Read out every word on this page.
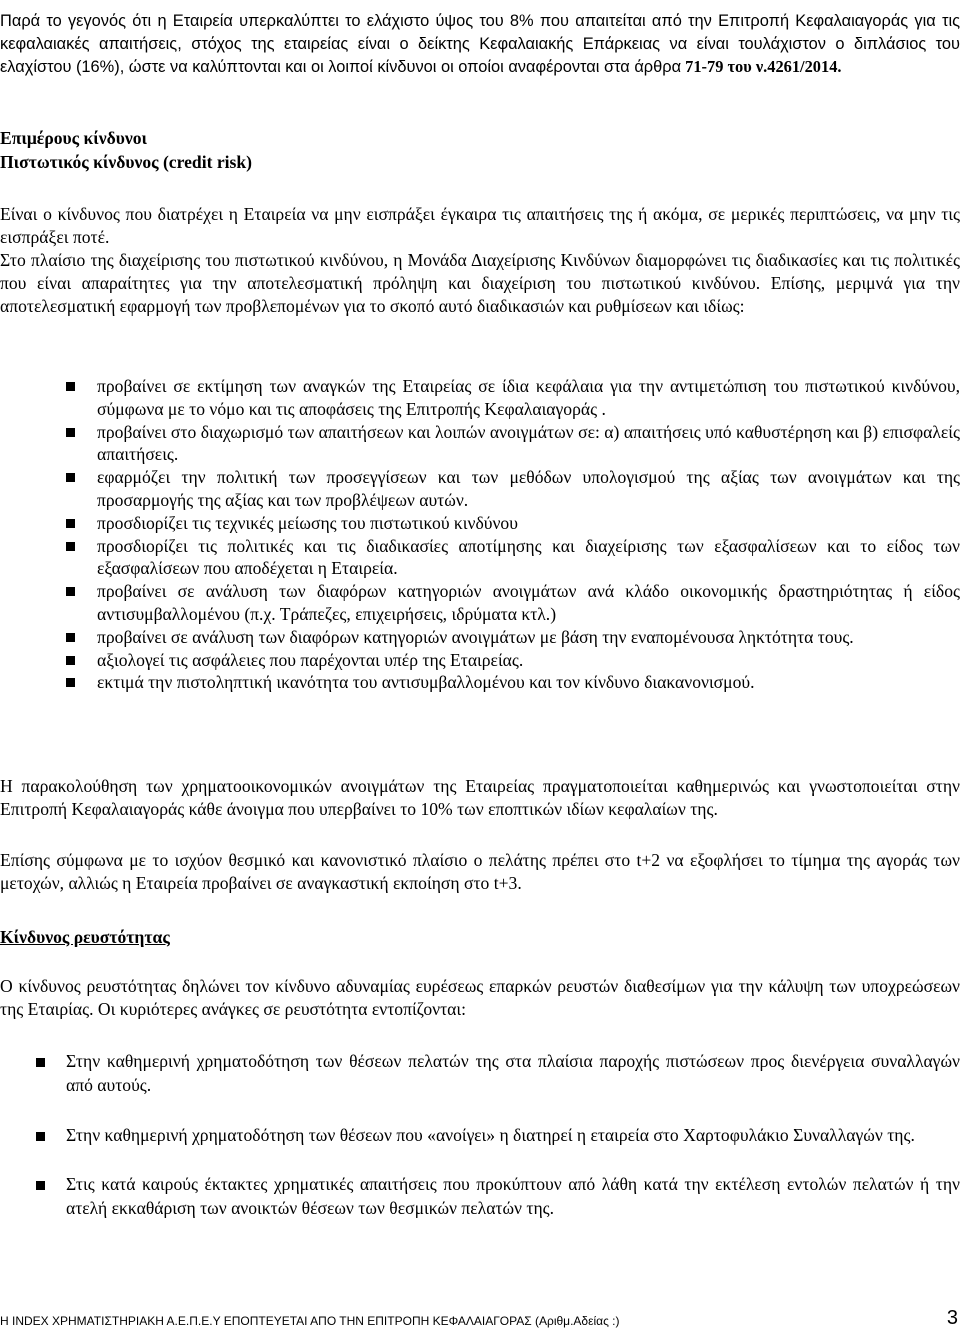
Παρά το γεγονός ότι η Εταιρεία υπερκαλύπτει το ελάχιστο ύψος του 8% που απαιτείται από την Επιτροπή Κεφαλαιαγοράς για τις κεφαλαιακές απαιτήσεις, στόχος της εταιρείας είναι ο δείκτης Κεφαλαιακής Επάρκειας να είναι τουλάχιστον ο διπλάσιος του ελαχίστου (16%), ώστε να καλύπτονται και οι λοιποί κίνδυνοι οι οποίοι αναφέρονται στα άρθρα 71-79 του ν.4261/2014.

Επιμέρους κίνδυνοι

Πιστωτικός κίνδυνος (credit risk)

Είναι ο κίνδυνος που διατρέχει η Εταιρεία να μην εισπράξει έγκαιρα τις απαιτήσεις της ή ακόμα, σε μερικές περιπτώσεις, να μην τις εισπράξει ποτέ.

Στο πλαίσιο της διαχείρισης του πιστωτικού κινδύνου, η Μονάδα Διαχείρισης Κινδύνων διαμορφώνει τις διαδικασίες και τις πολιτικές που είναι απαραίτητες για την αποτελεσματική πρόληψη και διαχείριση του πιστωτικού κινδύνου. Επίσης, μεριμνά για την αποτελεσματική εφαρμογή των προβλεπομένων για το σκοπό αυτό διαδικασιών και ρυθμίσεων και ιδίως:

προβαίνει σε εκτίμηση των αναγκών της Εταιρείας σε ίδια κεφάλαια για την αντιμετώπιση του πιστωτικού κινδύνου, σύμφωνα με το νόμο και τις αποφάσεις της Επιτροπής Κεφαλαιαγοράς .
προβαίνει στο διαχωρισμό των απαιτήσεων και λοιπών ανοιγμάτων σε: α) απαιτήσεις υπό καθυστέρηση και β) επισφαλείς απαιτήσεις.
εφαρμόζει την πολιτική των προσεγγίσεων και των μεθόδων υπολογισμού της αξίας των ανοιγμάτων και της προσαρμογής της αξίας και των προβλέψεων αυτών.
προσδιορίζει τις τεχνικές μείωσης του πιστωτικού κινδύνου
προσδιορίζει τις πολιτικές και τις διαδικασίες αποτίμησης και διαχείρισης των εξασφαλίσεων και το είδος των εξασφαλίσεων που αποδέχεται η Εταιρεία.
προβαίνει σε ανάλυση των διαφόρων κατηγοριών ανοιγμάτων ανά κλάδο οικονομικής δραστηριότητας ή είδος αντισυμβαλλομένου (π.χ. Τράπεζες, επιχειρήσεις, ιδρύματα κτλ.)
προβαίνει σε ανάλυση των διαφόρων κατηγοριών ανοιγμάτων με βάση την εναπομένουσα ληκτότητα τους.
αξιολογεί τις ασφάλειες που παρέχονται υπέρ της Εταιρείας.
εκτιμά την πιστοληπτική ικανότητα του αντισυμβαλλομένου και τον κίνδυνο διακανονισμού.

Η παρακολούθηση των χρηματοοικονομικών ανοιγμάτων της Εταιρείας πραγματοποιείται καθημερινώς και γνωστοποιείται στην Επιτροπή Κεφαλαιαγοράς κάθε άνοιγμα που υπερβαίνει το 10% των εποπτικών ιδίων κεφαλαίων της.

Επίσης σύμφωνα με το ισχύον θεσμικό και κανονιστικό πλαίσιο ο πελάτης πρέπει στο t+2 να εξοφλήσει το τίμημα της αγοράς των μετοχών, αλλιώς η Εταιρεία προβαίνει σε αναγκαστική εκποίηση στο t+3.

Κίνδυνος ρευστότητας

Ο κίνδυνος ρευστότητας δηλώνει τον κίνδυνο αδυναμίας ευρέσεως επαρκών ρευστών διαθεσίμων για την κάλυψη των υποχρεώσεων της Εταιρίας. Οι κυριότερες ανάγκες σε ρευστότητα εντοπίζονται:

Στην καθημερινή χρηματοδότηση των θέσεων πελατών της στα πλαίσια παροχής πιστώσεων προς διενέργεια συναλλαγών από αυτούς.
Στην καθημερινή χρηματοδότηση των θέσεων που «ανοίγει» η διατηρεί η εταιρεία στο Χαρτοφυλάκιο Συναλλαγών της.
Στις κατά καιρούς έκτακτες χρηματικές απαιτήσεις που προκύπτουν από λάθη κατά την εκτέλεση εντολών πελατών ή την ατελή εκκαθάριση των ανοικτών θέσεων των θεσμικών πελατών της.
Η INDEX ΧΡΗΜΑΤΙΣΤΗΡΙΑΚΗ Α.Ε.Π.Ε.Υ ΕΠΟΠΤΕΥΕΤΑΙ ΑΠΟ ΤΗΝ ΕΠΙΤΡΟΠΗ ΚΕΦΑΛΑΙΑΓΟΡΑΣ (Αριθμ.Αδείας :)	3
